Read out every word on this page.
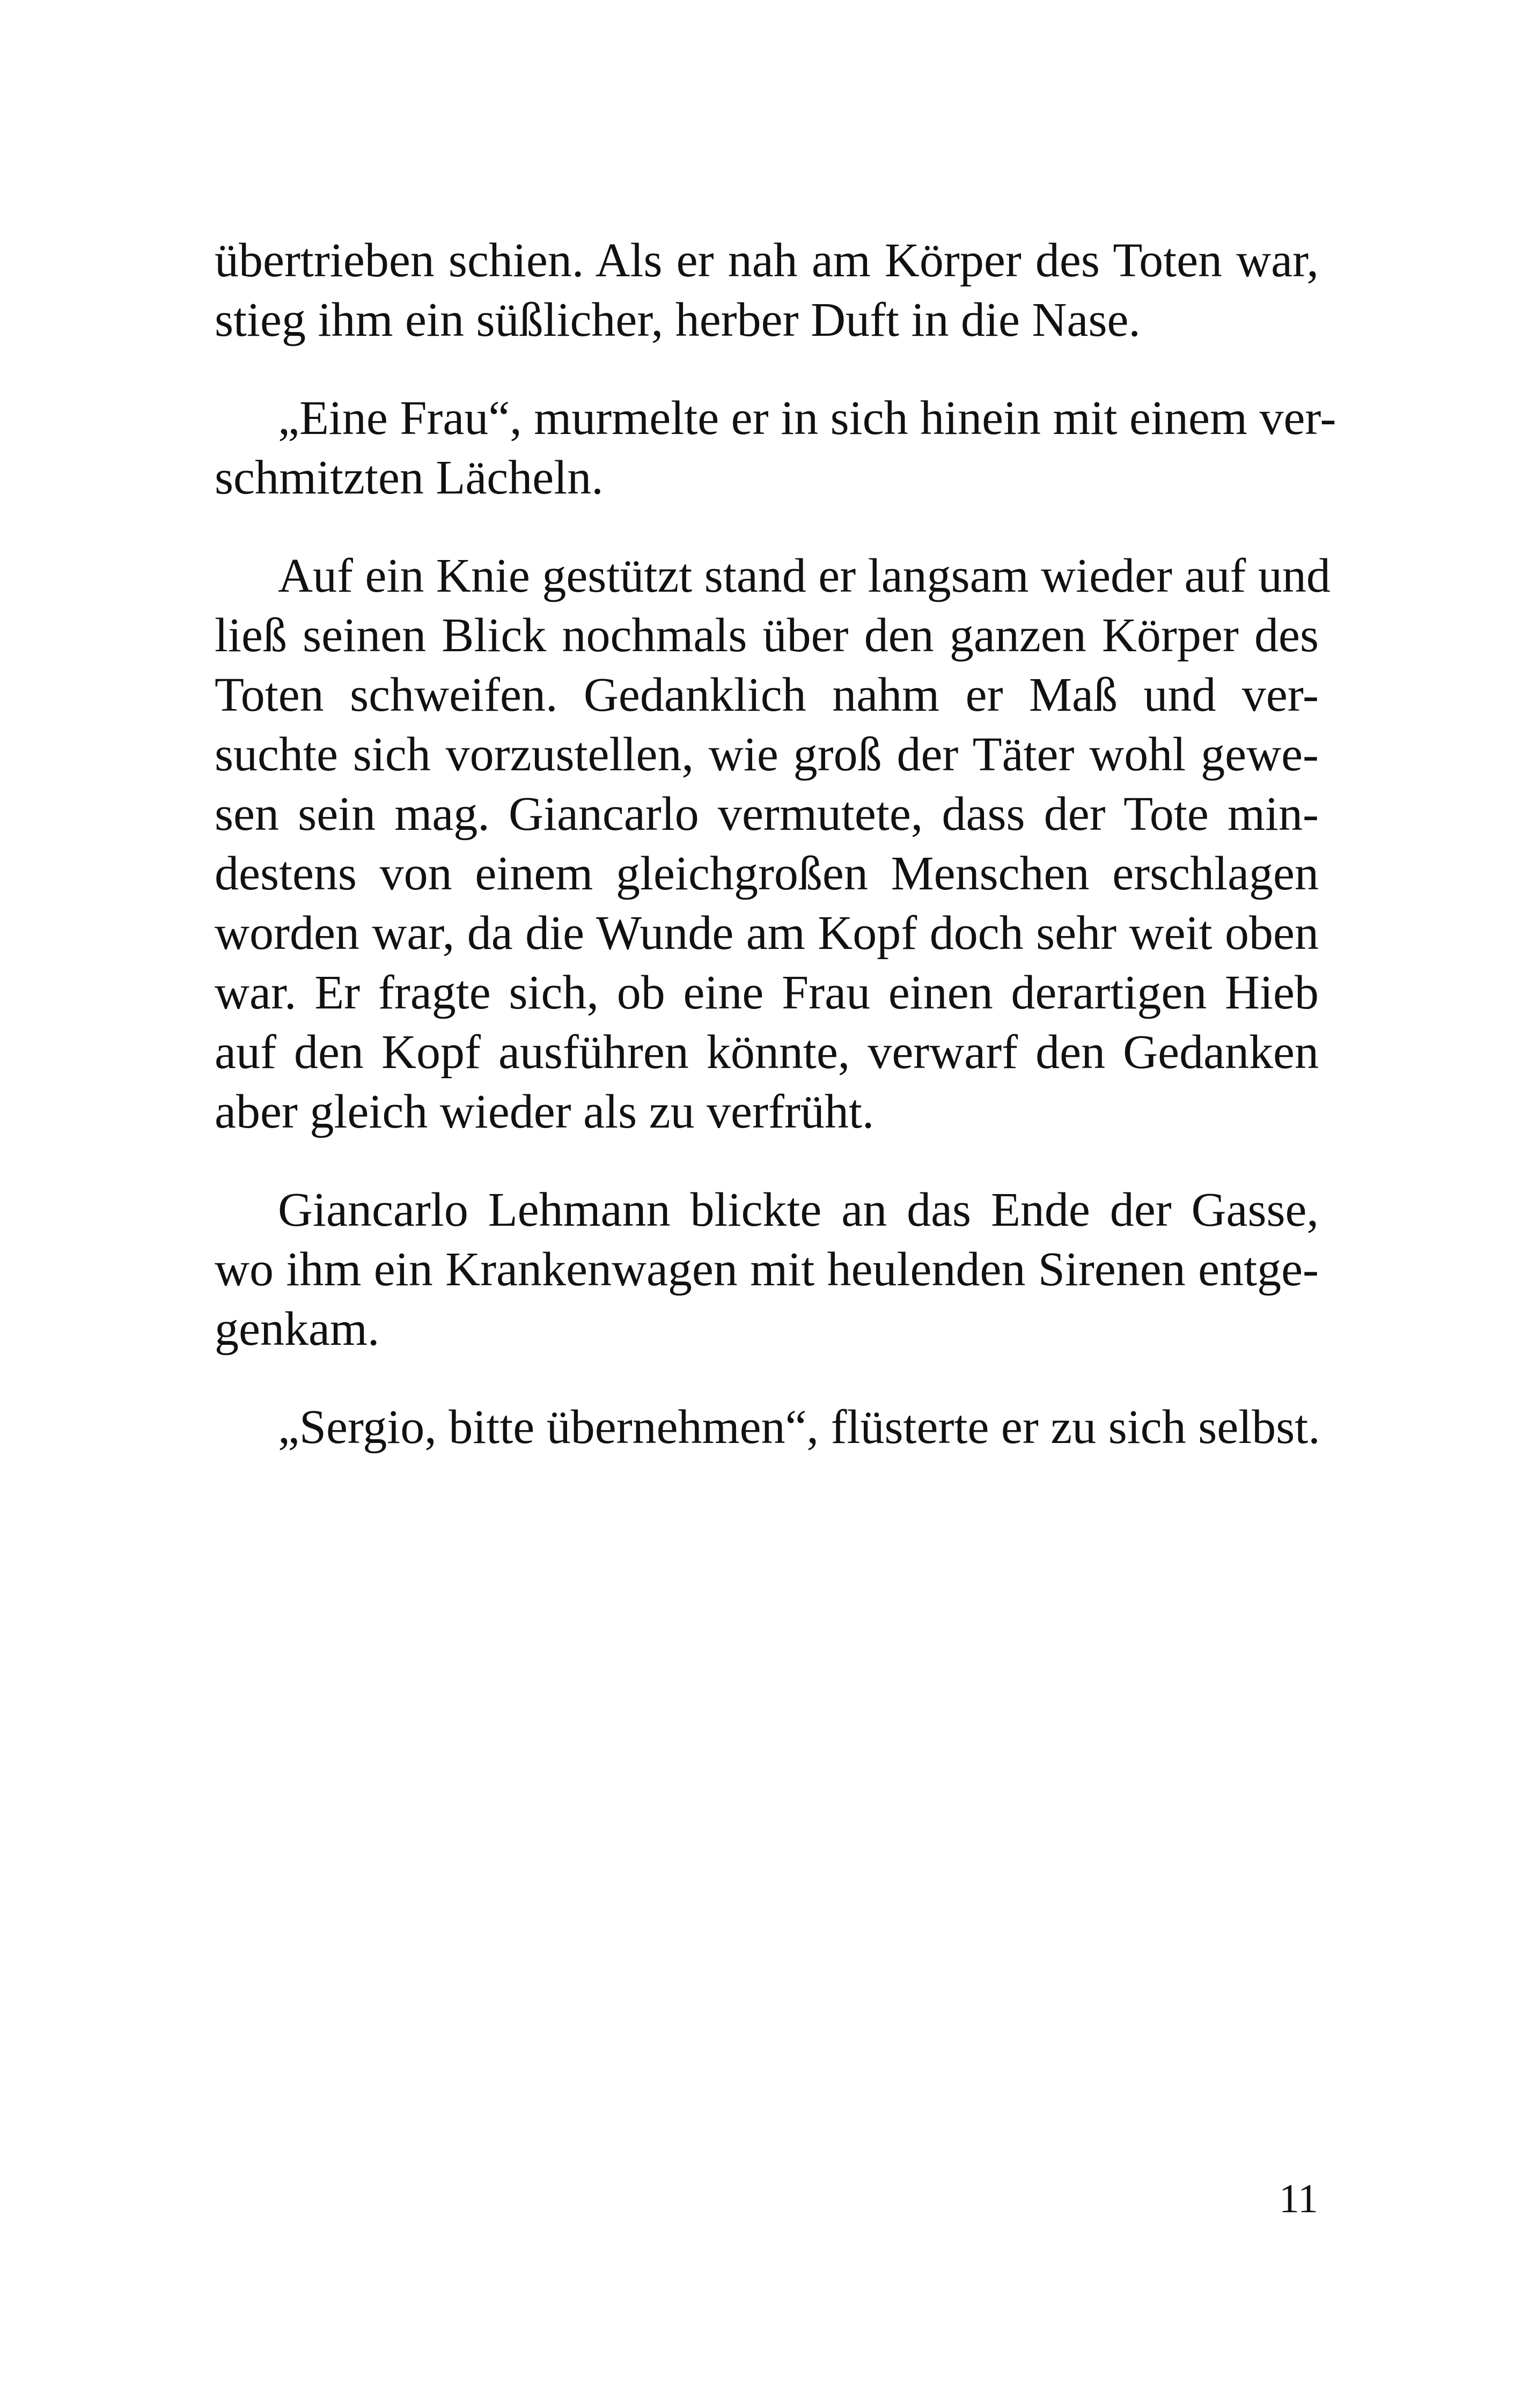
übertrieben schien. Als er nah am Körper des Toten war,
stieg ihm ein süßlicher, herber Duft in die Nase.

„Eine Frau“, murmelte er in sich hinein mit einem ver-
schmitzten Lächeln.

Auf ein Knie gestützt stand er langsam wieder auf und
ließ seinen Blick nochmals über den ganzen Körper des
Toten schweifen. Gedanklich nahm er Maß und ver-
suchte sich vorzustellen, wie groß der Täter wohl gewe-
sen sein mag. Giancarlo vermutete, dass der Tote min-
destens von einem gleichgroßen Menschen erschlagen
worden war, da die Wunde am Kopf doch sehr weit oben
war. Er fragte sich, ob eine Frau einen derartigen Hieb
auf den Kopf ausführen könnte, verwarf den Gedanken
aber gleich wieder als zu verfrüht.

Giancarlo Lehmann blickte an das Ende der Gasse,
wo ihm ein Krankenwagen mit heulenden Sirenen entge-
genkam.

„Sergio, bitte übernehmen“, flüsterte er zu sich selbst.

11
